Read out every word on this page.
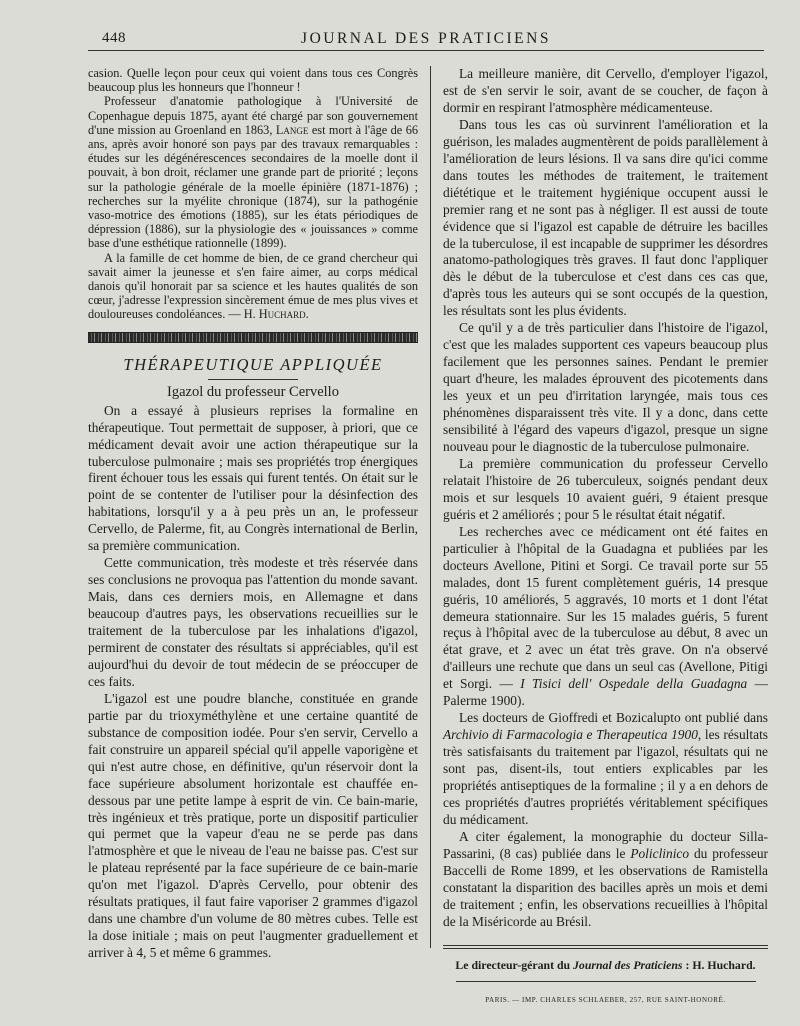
448	JOURNAL DES PRATICIENS

casion. Quelle leçon pour ceux qui voient dans tous ces Congrès beaucoup plus les honneurs que l'honneur !

Professeur d'anatomie pathologique à l'Université de Copenhague depuis 1875, ayant été chargé par son gouvernement d'une mission au Groenland en 1863, Lange est mort à l'âge de 66 ans, après avoir honoré son pays par des travaux remarquables : études sur les dégénérescences secondaires de la moelle dont il pouvait, à bon droit, réclamer une grande part de priorité ; leçons sur la pathologie générale de la moelle épinière (1871-1876) ; recherches sur la myélite chronique (1874), sur la pathogénie vaso-motrice des émotions (1885), sur les états périodiques de dépression (1886), sur la physiologie des « jouissances » comme base d'une esthétique rationnelle (1899).

A la famille de cet homme de bien, de ce grand chercheur qui savait aimer la jeunesse et s'en faire aimer, au corps médical danois qu'il honorait par sa science et les hautes qualités de son cœur, j'adresse l'expression sincèrement émue de mes plus vives et douloureuses condoléances. — H. Huchard.

THÉRAPEUTIQUE APPLIQUÉE
Igazol du professeur Cervello

On a essayé à plusieurs reprises la formaline en thérapeutique. Tout permettait de supposer, à priori, que ce médicament devait avoir une action thérapeutique sur la tuberculose pulmonaire ; mais ses propriétés trop énergiques firent échouer tous les essais qui furent tentés. On était sur le point de se contenter de l'utiliser pour la désinfection des habitations, lorsqu'il y a à peu près un an, le professeur Cervello, de Palerme, fit, au Congrès international de Berlin, sa première communication.

Cette communication, très modeste et très réservée dans ses conclusions ne provoqua pas l'attention du monde savant. Mais, dans ces derniers mois, en Allemagne et dans beaucoup d'autres pays, les observations recueillies sur le traitement de la tuberculose par les inhalations d'igazol, permirent de constater des résultats si appréciables, qu'il est aujourd'hui du devoir de tout médecin de se préoccuper de ces faits.

L'igazol est une poudre blanche, constituée en grande partie par du trioxyméthylène et une certaine quantité de substance de composition iodée. Pour s'en servir, Cervello a fait construire un appareil spécial qu'il appelle vaporigène et qui n'est autre chose, en définitive, qu'un réservoir dont la face supérieure absolument horizontale est chauffée en-dessous par une petite lampe à esprit de vin. Ce bain-marie, très ingénieux et très pratique, porte un dispositif particulier qui permet que la vapeur d'eau ne se perde pas dans l'atmosphère et que le niveau de l'eau ne baisse pas. C'est sur le plateau représenté par la face supérieure de ce bain-marie qu'on met l'igazol. D'après Cervello, pour obtenir des résultats pratiques, il faut faire vaporiser 2 grammes d'igazol dans une chambre d'un volume de 80 mètres cubes. Telle est la dose initiale ; mais on peut l'augmenter graduellement et arriver à 4, 5 et même 6 grammes.

La meilleure manière, dit Cervello, d'employer l'igazol, est de s'en servir le soir, avant de se coucher, de façon à dormir en respirant l'atmosphère médicamenteuse.

Dans tous les cas où survinrent l'amélioration et la guérison, les malades augmentèrent de poids parallèlement à l'amélioration de leurs lésions. Il va sans dire qu'ici comme dans toutes les méthodes de traitement, le traitement diététique et le traitement hygiénique occupent aussi le premier rang et ne sont pas à négliger. Il est aussi de toute évidence que si l'igazol est capable de détruire les bacilles de la tuberculose, il est incapable de supprimer les désordres anatomo-pathologiques très graves. Il faut donc l'appliquer dès le début de la tuberculose et c'est dans ces cas que, d'après tous les auteurs qui se sont occupés de la question, les résultats sont les plus évidents.

Ce qu'il y a de très particulier dans l'histoire de l'igazol, c'est que les malades supportent ces vapeurs beaucoup plus facilement que les personnes saines. Pendant le premier quart d'heure, les malades éprouvent des picotements dans les yeux et un peu d'irritation laryngée, mais tous ces phénomènes disparaissent très vite. Il y a donc, dans cette sensibilité à l'égard des vapeurs d'igazol, presque un signe nouveau pour le diagnostic de la tuberculose pulmonaire.

La première communication du professeur Cervello relatait l'histoire de 26 tuberculeux, soignés pendant deux mois et sur lesquels 10 avaient guéri, 9 étaient presque guéris et 2 améliorés ; pour 5 le résultat était négatif.

Les recherches avec ce médicament ont été faites en particulier à l'hôpital de la Guadagna et publiées par les docteurs Avellone, Pitini et Sorgi. Ce travail porte sur 55 malades, dont 15 furent complètement guéris, 14 presque guéris, 10 améliorés, 5 aggravés, 10 morts et 1 dont l'état demeura stationnaire. Sur les 15 malades guéris, 5 furent reçus à l'hôpital avec de la tuberculose au début, 8 avec un état grave, et 2 avec un état très grave. On n'a observé d'ailleurs une rechute que dans un seul cas (Avellone, Pitigi et Sorgi. — I Tisici dell' Ospedale della Guadagna — Palerme 1900).

Les docteurs de Gioffredi et Bozicalupto ont publié dans Archivio di Farmacologia e Therapeutica 1900, les résultats très satisfaisants du traitement par l'igazol, résultats qui ne sont pas, disent-ils, tout entiers explicables par les propriétés antiseptiques de la formaline ; il y a en dehors de ces propriétés d'autres propriétés véritablement spécifiques du médicament.

A citer également, la monographie du docteur Silla-Passarini, (8 cas) publiée dans le Policlinico du professeur Baccelli de Rome 1899, et les observations de Ramistella constatant la disparition des bacilles après un mois et demi de traitement ; enfin, les observations recueillies à l'hôpital de la Miséricorde au Brésil.

Le directeur-gérant du Journal des Praticiens : H. Huchard.
PARIS. — IMP. CHARLES SCHLAEBER, 257, RUE SAINT-HONORÉ.
